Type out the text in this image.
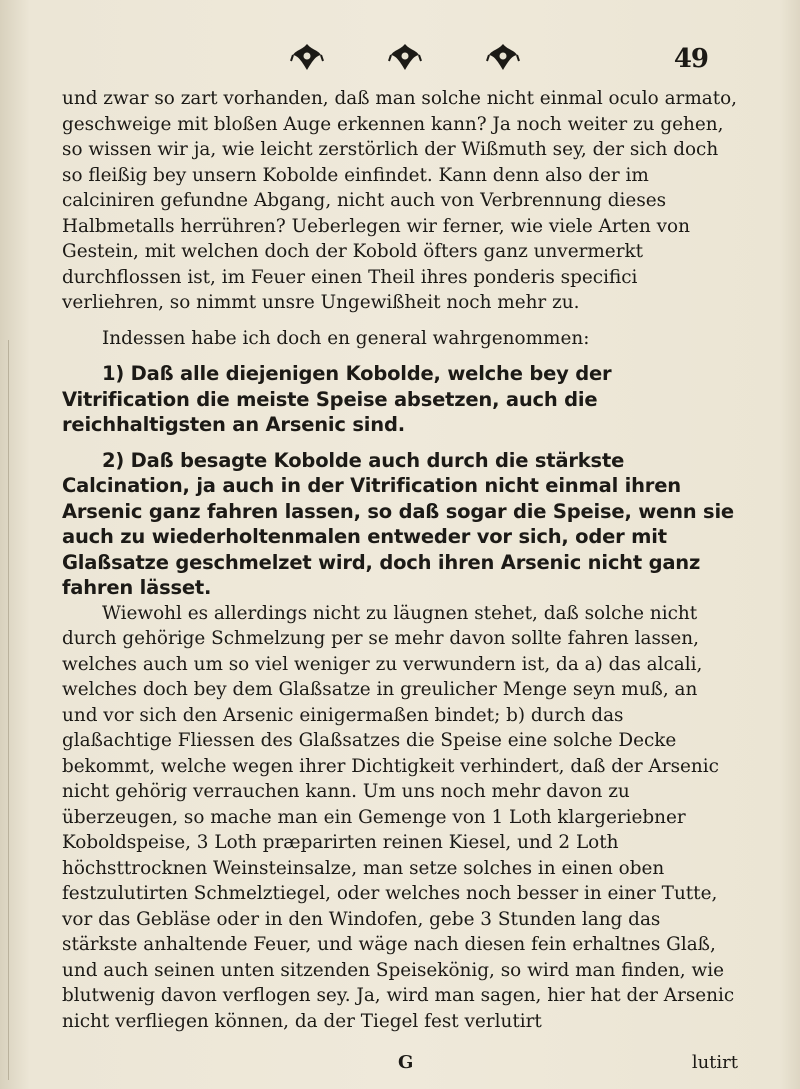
49

und zwar so zart vorhanden, daß man solche nicht einmal oculo armato, geschweige mit bloßen Auge erkennen kann? Ja noch weiter zu gehen, so wissen wir ja, wie leicht zerstörlich der Wißmuth sey, der sich doch so fleißig bey unsern Koboldе einfindet. Kann denn also der im calciniren gefundne Abgang, nicht auch von Verbrennung dieses Halbmetalls herrühren? Ueberlegen wir ferner, wie viele Arten von Gestein, mit welchen doch der Kobold öfters ganz unvermerkt durchflossen ist, im Feuer einen Theil ihres ponderis specifici verliehren, so nimmt unsre Ungewißheit noch mehr zu.

Indessen habe ich doch en general wahrgenommen:

1) Daß alle diejenigen Kobolde, welche bey der Vitrification die meiste Speise absetzen, auch die reichhaltigsten an Arsenic sind.

2) Daß besagte Kobolde auch durch die stärkste Calcination, ja auch in der Vitrification nicht einmal ihren Arsenic ganz fahren lassen, so daß sogar die Speise, wenn sie auch zu wiederholtenmalen entweder vor sich, oder mit Glaßsatze geschmelzet wird, doch ihren Arsenic nicht ganz fahren lässet.

Wiewohl es allerdings nicht zu läugnen stehet, daß solche nicht durch gehörige Schmelzung per se mehr davon sollte fahren lassen, welches auch um so viel weniger zu verwundern ist, da a) das alcali, welches doch bey dem Glaßsatze in greulicher Menge seyn muß, an und vor sich den Arsenic einigermaßen bindet; b) durch das glaßachtige Fliessen des Glaßsatzes die Speise eine solche Decke bekommt, welche wegen ihrer Dichtigkeit verhindert, daß der Arsenic nicht gehörig verrauchen kann. Um uns noch mehr davon zu überzeugen, so mache man ein Gemenge von 1 Loth klargeriebner Koboldspeise, 3 Loth præparirten reinen Kiesel, und 2 Loth höchsttrocknen Weinsteinsalze, man setze solches in einen oben festzulutirten Schmelztiegel, oder welches noch besser in einer Tutte, vor das Gebläse oder in den Windofen, gebe 3 Stunden lang das stärkste anhaltende Feuer, und wäge nach diesen fein erhaltnes Glaß, und auch seinen unten sitzenden Speisekönig, so wird man finden, wie blutwenig davon verflogen sey. Ja, wird man sagen, hier hat der Arsenic nicht verfliegen können, da der Tiegel fest verlutirt

G	lutirt
